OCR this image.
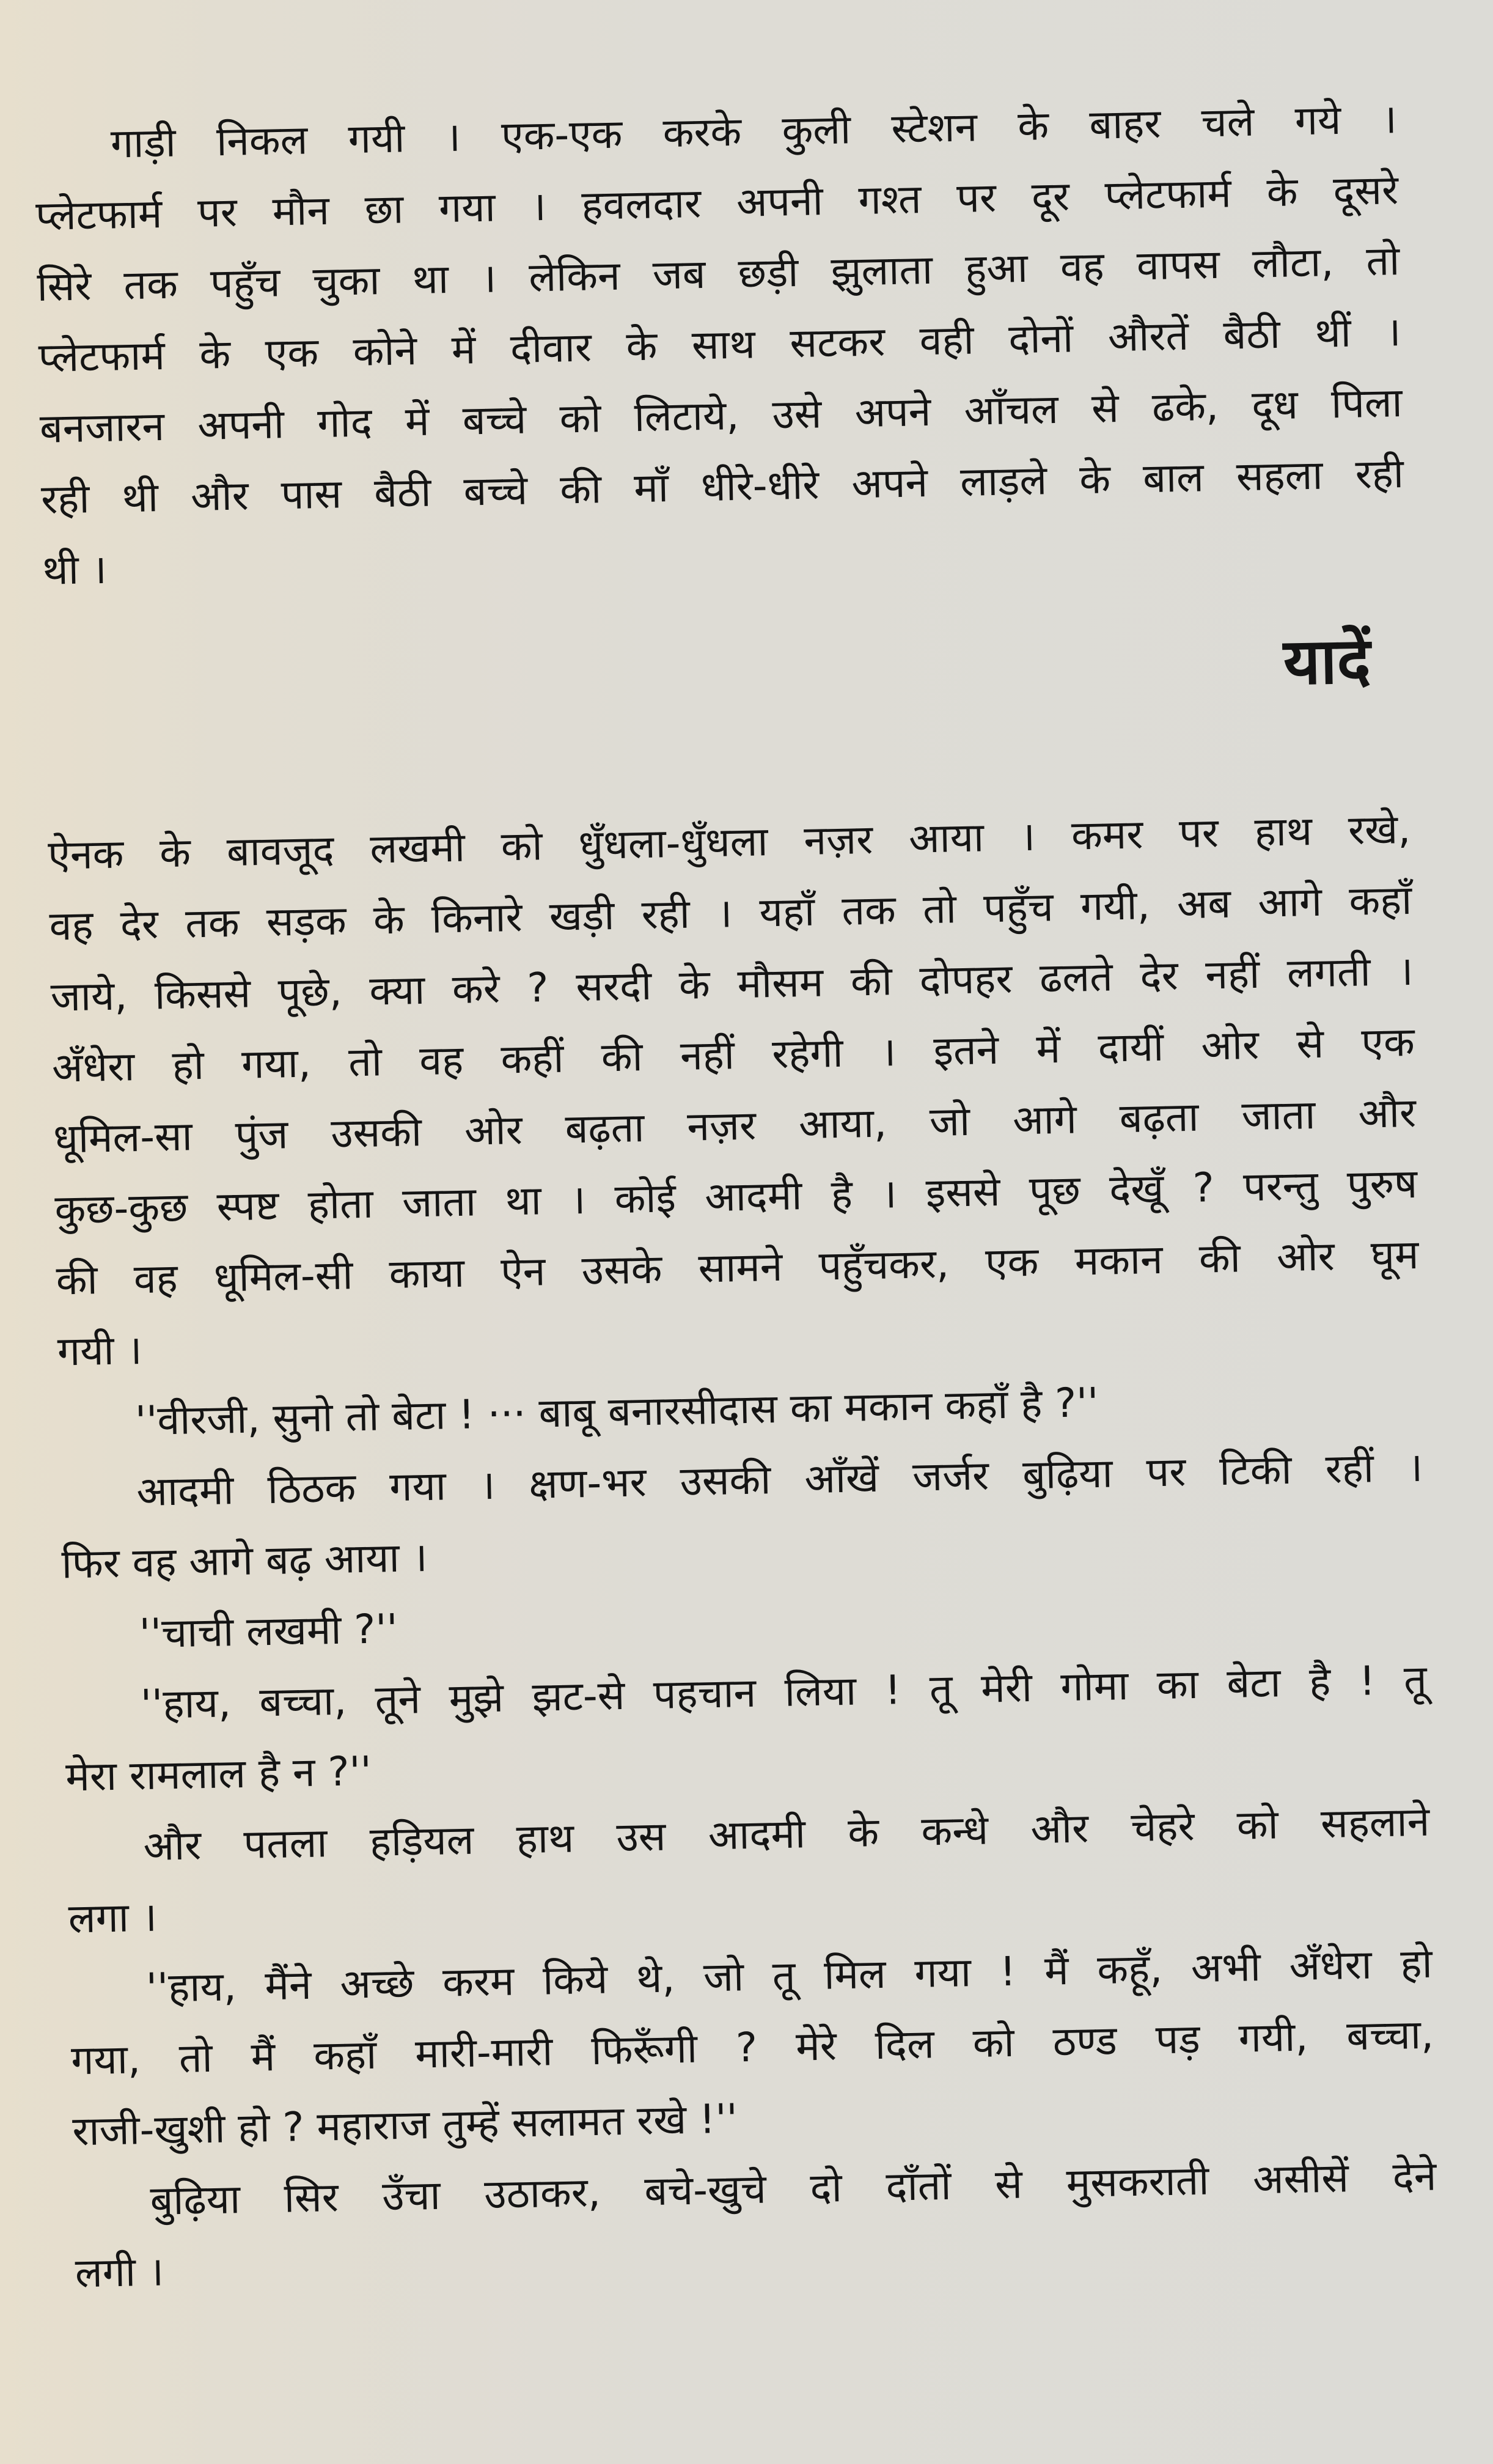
गाड़ी निकल गयी । एक-एक करके कुली स्टेशन के बाहर चले गये ।
प्लेटफार्म पर मौन छा गया । हवलदार अपनी गश्त पर दूर प्लेटफार्म के दूसरे
सिरे तक पहुँच चुका था । लेकिन जब छड़ी झुलाता हुआ वह वापस लौटा, तो
प्लेटफार्म के एक कोने में दीवार के साथ सटकर वही दोनों औरतें बैठी थीं ।
बनजारन अपनी गोद में बच्चे को लिटाये, उसे अपने आँचल से ढके, दूध पिला
रही थी और पास बैठी बच्चे की माँ धीरे-धीरे अपने लाड़ले के बाल सहला रही
थी ।
यादें
ऐनक के बावजूद लखमी को धुँधला-धुँधला नज़र आया । कमर पर हाथ रखे,
वह देर तक सड़क के किनारे खड़ी रही । यहाँ तक तो पहुँच गयी, अब आगे कहाँ
जाये, किससे पूछे, क्या करे ? सरदी के मौसम की दोपहर ढलते देर नहीं लगती ।
अँधेरा हो गया, तो वह कहीं की नहीं रहेगी । इतने में दायीं ओर से एक
धूमिल-सा पुंज उसकी ओर बढ़ता नज़र आया, जो आगे बढ़ता जाता और
कुछ-कुछ स्पष्ट होता जाता था । कोई आदमी है । इससे पूछ देखूँ ? परन्तु पुरुष
की वह धूमिल-सी काया ऐन उसके सामने पहुँचकर, एक मकान की ओर घूम
गयी ।
''वीरजी, सुनो तो बेटा ! ··· बाबू बनारसीदास का मकान कहाँ है ?''
आदमी ठिठक गया । क्षण-भर उसकी आँखें जर्जर बुढ़िया पर टिकी रहीं ।
फिर वह आगे बढ़ आया ।
''चाची लखमी ?''
''हाय, बच्चा, तूने मुझे झट-से पहचान लिया ! तू मेरी गोमा का बेटा है ! तू
मेरा रामलाल है न ?''
और पतला हड़ियल हाथ उस आदमी के कन्धे और चेहरे को सहलाने
लगा ।
''हाय, मैंने अच्छे करम किये थे, जो तू मिल गया ! मैं कहूँ, अभी अँधेरा हो
गया, तो मैं कहाँ मारी-मारी फिरूँगी ? मेरे दिल को ठण्ड पड़ गयी, बच्चा,
राजी-खुशी हो ? महाराज तुम्हें सलामत रखे !''
बुढ़िया सिर उँचा उठाकर, बचे-खुचे दो दाँतों से मुसकराती असीसें देने
लगी ।
